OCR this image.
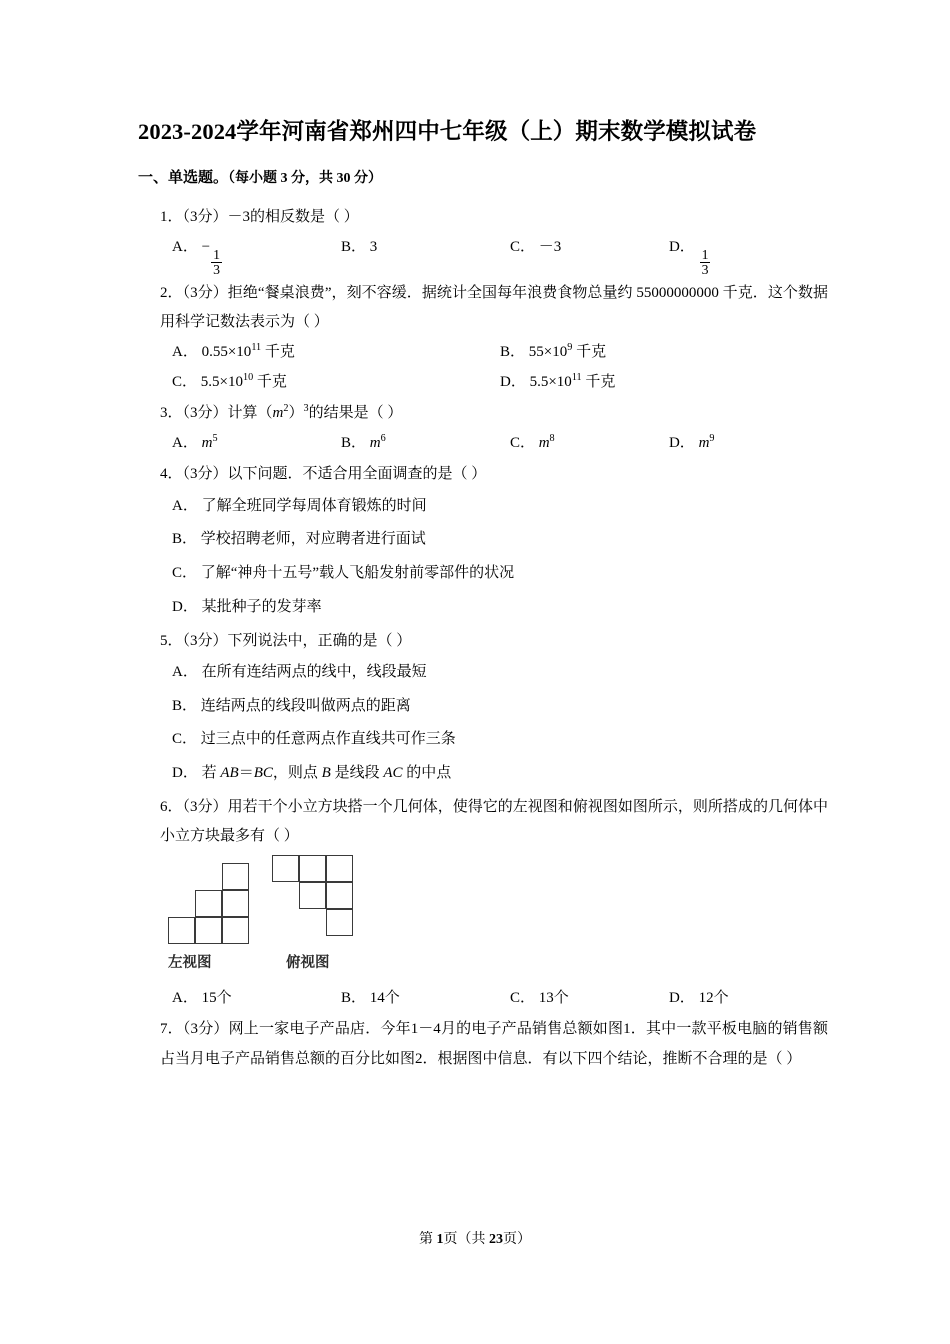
2023-2024学年河南省郑州四中七年级（上）期末数学模拟试卷
一、单选题。（每小题 3 分，共 30 分）
1．（3分）－3的相反数是（ ）
A． −
$\frac{1}{3}$
B． 3	C． －3	D．
$\frac{1}{3}$
2．（3分）拒绝“餐桌浪费”，刻不容缓．据统计全国每年浪费食物总量约 55000000000 千克．这个数据用科学记数法表示为（ ）
A． $0.55\times 10^{11}$ 千克	B． $55\times 10^9$ 千克
C． $5.5\times 10^{10}$ 千克	D． $5.5\times 10^{11}$ 千克
3．（3分）计算$(m^2)^3$的结果是（ ）
A． $m^5$	B． $m^6$	C． $m^8$	D． $m^9$
4．（3分）以下问题．不适合用全面调查的是（ ）
A． 了解全班同学每周体育锻炼的时间
B． 学校招聘老师，对应聘者进行面试
C． 了解“神舟十五号”载人飞船发射前零部件的状况
D． 某批种子的发芽率
5．（3分）下列说法中，正确的是（ ）
A． 在所有连结两点的线中，线段最短
B． 连结两点的线段叫做两点的距离
C． 过三点中的任意两点作直线共可作三条
D． 若 AB＝BC，则点 B 是线段 AC 的中点
6．（3分）用若干个小立方块搭一个几何体，使得它的左视图和俯视图如图所示，则所搭成的几何体中小立方块最多有（ ）
左视图	俯视图
A． 15个	B． 14个	C． 13个	D． 12个
7．（3分）网上一家电子产品店．今年1－4月的电子产品销售总额如图1．其中一款平板电脑的销售额占当月电子产品销售总额的百分比如图2．根据图中信息．有以下四个结论，推断不合理的是（ ）
第 1页（共 23页）
